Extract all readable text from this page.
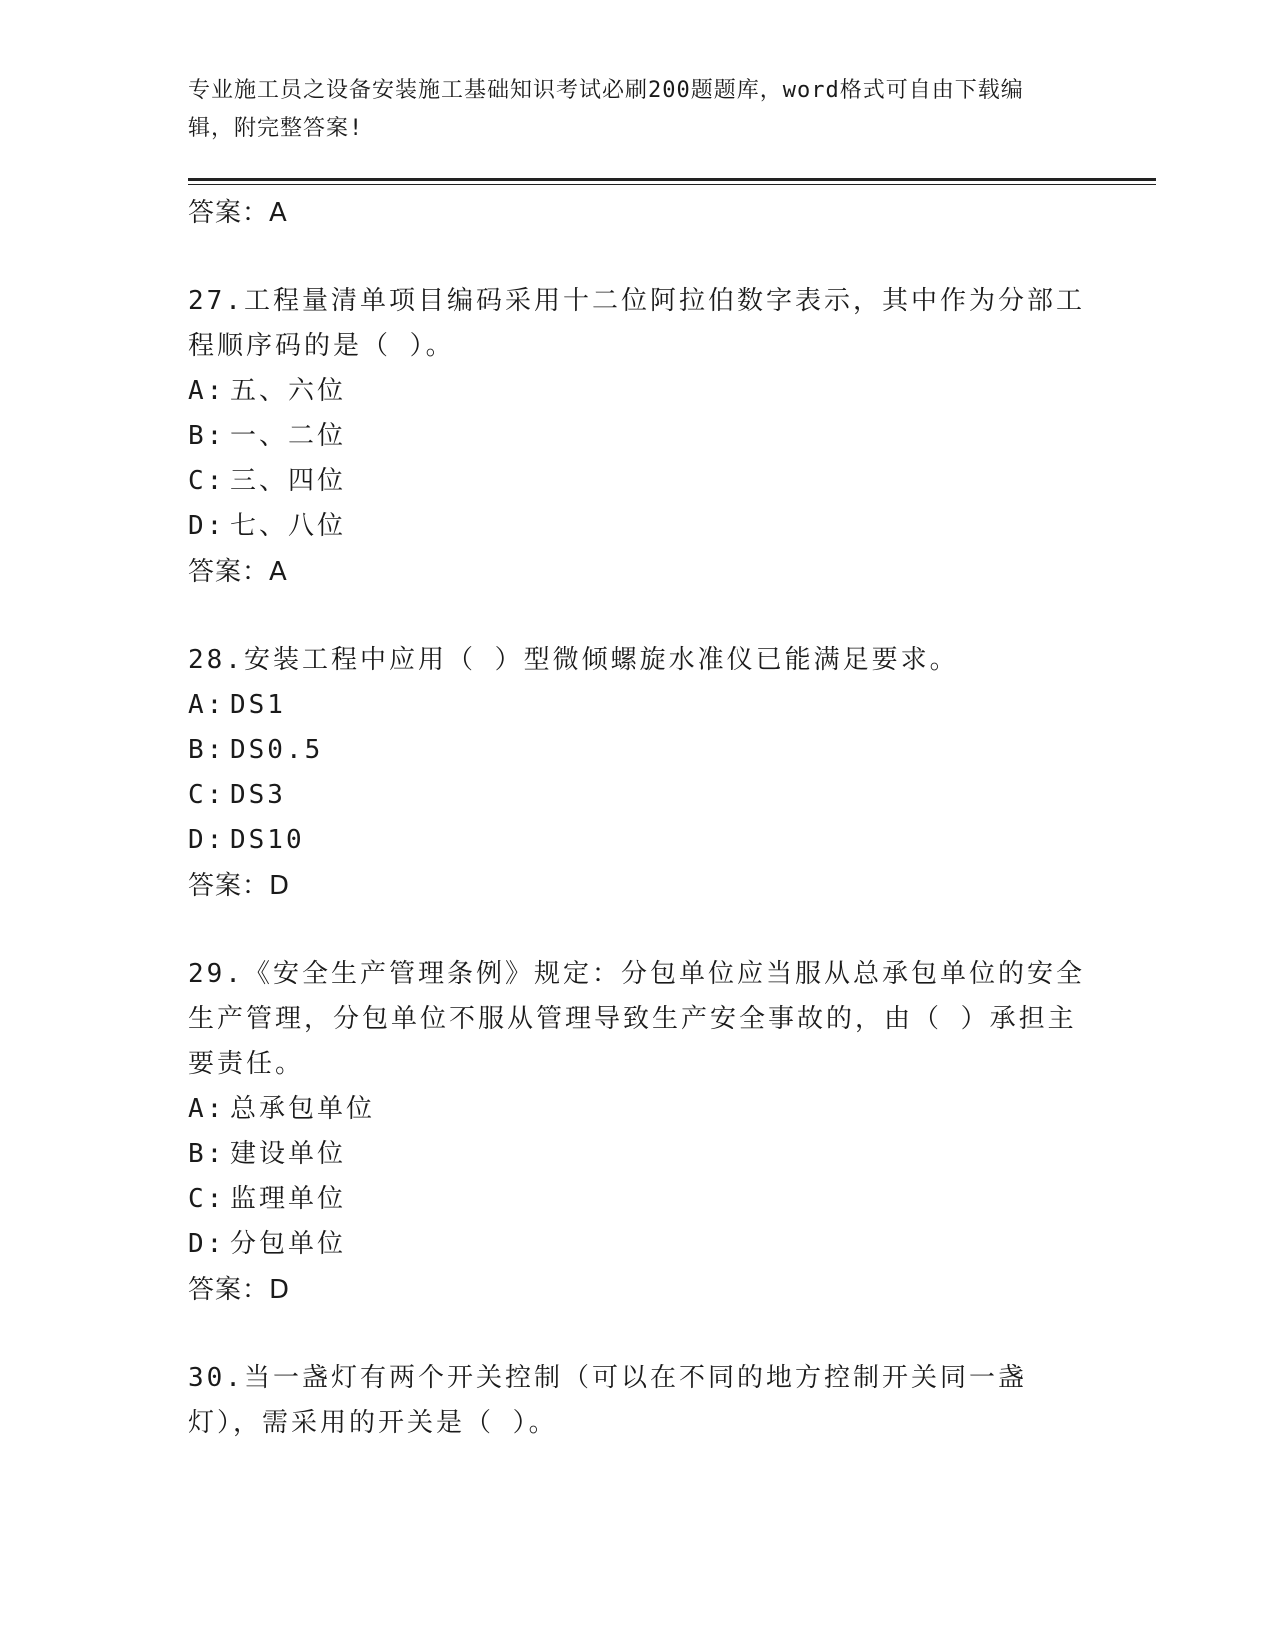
专业施工员之设备安装施工基础知识考试必刷200题题库，word格式可自由下载编辑，附完整答案!
答案：A
27.工程量清单项目编码采用十二位阿拉伯数字表示，其中作为分部工程顺序码的是（ ）。
A: 五、六位
B: 一、二位
C: 三、四位
D: 七、八位
答案：A
28.安装工程中应用（ ）型微倾螺旋水准仪已能满足要求。
A: DS1
B: DS0.5
C: DS3
D: DS10
答案：D
29.《安全生产管理条例》规定：分包单位应当服从总承包单位的安全生产管理，分包单位不服从管理导致生产安全事故的，由（ ）承担主要责任。
A: 总承包单位
B: 建设单位
C: 监理单位
D: 分包单位
答案：D
30.当一盏灯有两个开关控制（可以在不同的地方控制开关同一盏灯），需采用的开关是（ ）。
